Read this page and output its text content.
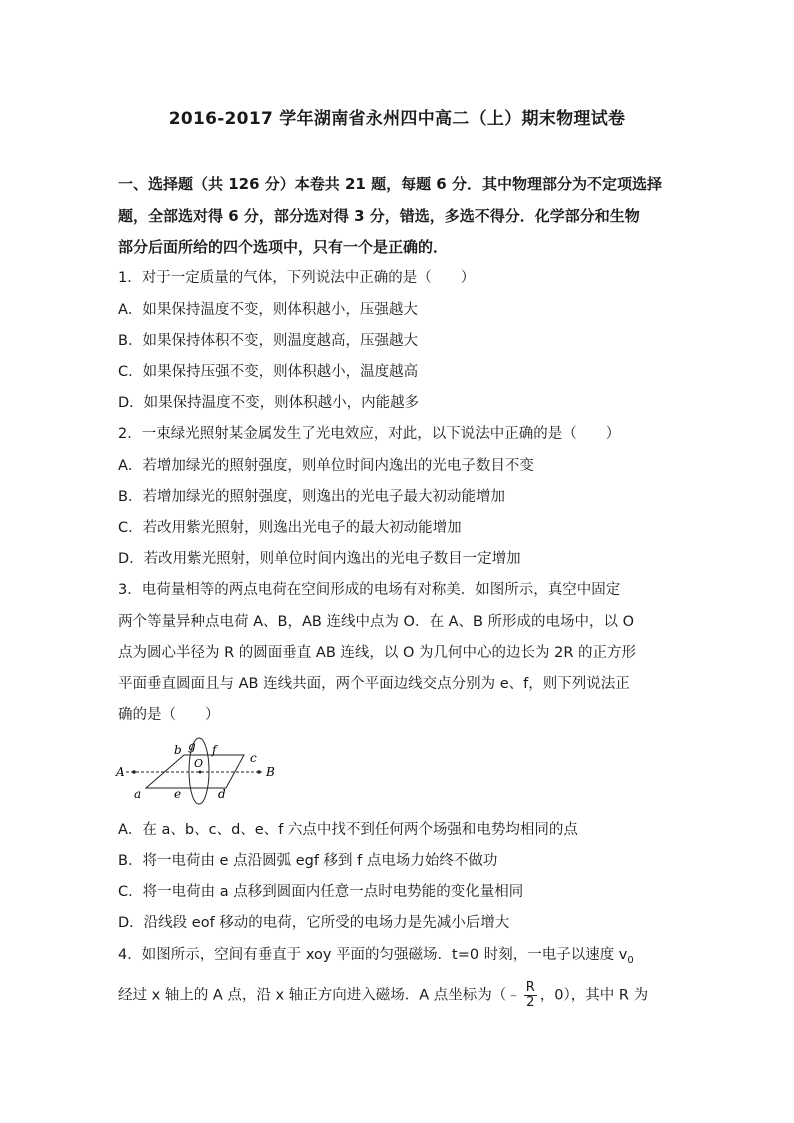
2016-2017 学年湖南省永州四中高二（上）期末物理试卷
一、选择题（共 126 分）本卷共 21 题，每题 6 分．其中物理部分为不定项选择
题，全部选对得 6 分，部分选对得 3 分，错选，多选不得分．化学部分和生物
部分后面所给的四个选项中，只有一个是正确的．
1．对于一定质量的气体，下列说法中正确的是（　　）
A．如果保持温度不变，则体积越小，压强越大
B．如果保持体积不变，则温度越高，压强越大
C．如果保持压强不变，则体积越小，温度越高
D．如果保持温度不变，则体积越小，内能越多
2．一束绿光照射某金属发生了光电效应，对此，以下说法中正确的是（　　）
A．若增加绿光的照射强度，则单位时间内逸出的光电子数目不变
B．若增加绿光的照射强度，则逸出的光电子最大初动能增加
C．若改用紫光照射，则逸出光电子的最大初动能增加
D．若改用紫光照射，则单位时间内逸出的光电子数目一定增加
3．电荷量相等的两点电荷在空间形成的电场有对称美．如图所示，真空中固定
两个等量异种点电荷 A、B，AB 连线中点为 O．在 A、B 所形成的电场中，以 O
点为圆心半径为 R 的圆面垂直 AB 连线，以 O 为几何中心的边长为 2R 的正方形
平面垂直圆面且与 AB 连线共面，两个平面边线交点分别为 e、f，则下列说法正
确的是（　　）
A	B
O
a
b
c
d
e
f
g
A．在 a、b、c、d、e、f 六点中找不到任何两个场强和电势均相同的点
B．将一电荷由 e 点沿圆弧 egf 移到 f 点电场力始终不做功
C．将一电荷由 a 点移到圆面内任意一点时电势能的变化量相同
D．沿线段 eof 移动的电荷，它所受的电场力是先减小后增大
4．如图所示，空间有垂直于 xoy 平面的匀强磁场．t=0 时刻，一电子以速度 $v_0$
经过 x 轴上的 A 点，沿 x 轴正方向进入磁场．A 点坐标为（﹣ $\frac{R}{2}$ ，0），其中 R 为
